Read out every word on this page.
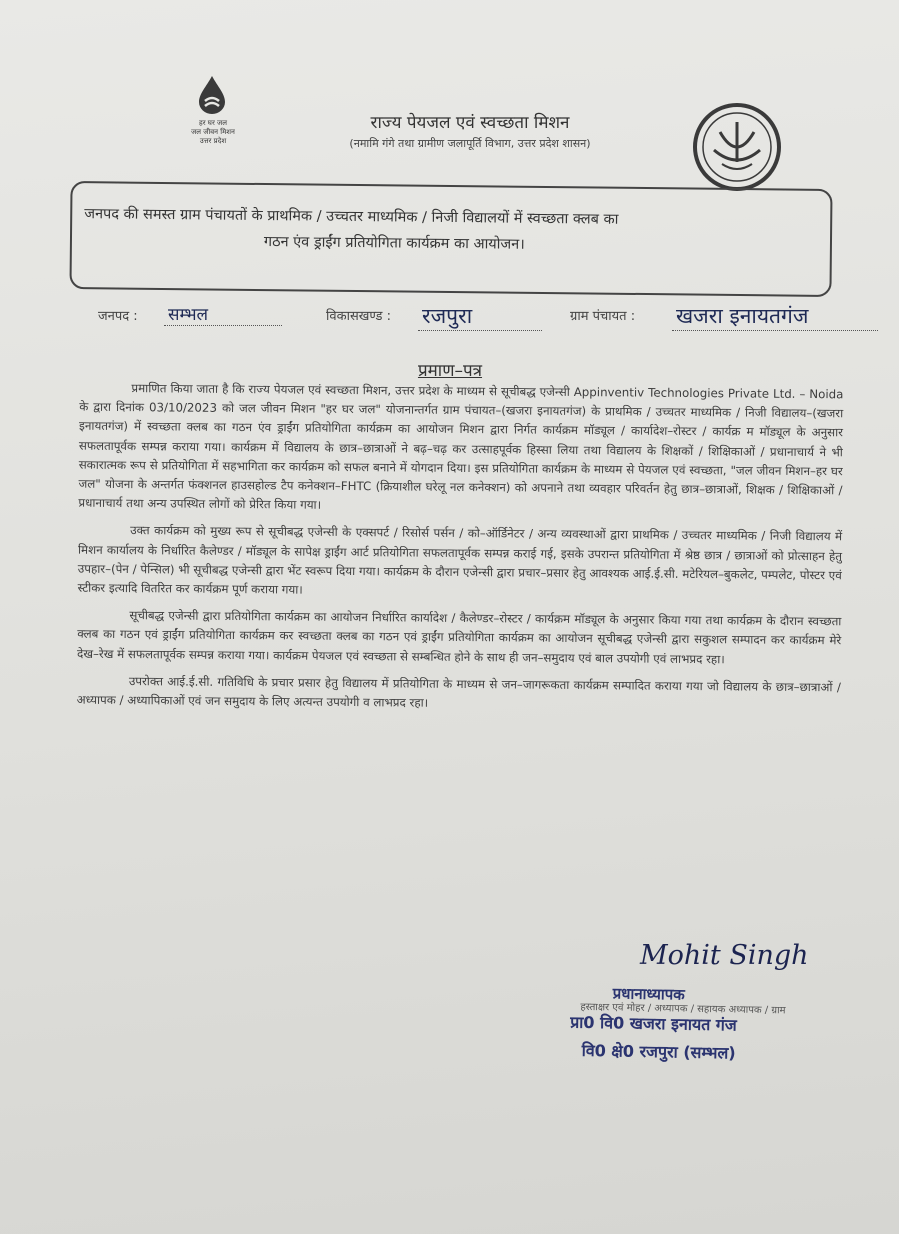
हर घर जल
जल जीवन मिशन
उत्तर प्रदेश
राज्य पेयजल एवं स्वच्छता मिशन
(नमामि गंगे तथा ग्रामीण जलापूर्ति विभाग, उत्तर प्रदेश शासन)
जनपद की समस्त ग्राम पंचायतों के प्राथमिक / उच्चतर माध्यमिक / निजी विद्यालयों में स्वच्छता क्लब का
गठन एंव ड्राईंग प्रतियोगिता कार्यक्रम का आयोजन।
जनपद : सम्भल	विकासखण्ड : रजपुरा	ग्राम पंचायत : खजरा इनायतगंज
प्रमाण–पत्र

प्रमाणित किया जाता है कि राज्य पेयजल एवं स्वच्छता मिशन, उत्तर प्रदेश के माध्यम से सूचीबद्ध एजेन्सी Appinventiv Technologies Private Ltd. – Noida के द्वारा दिनांक 03/10/2023 को जल जीवन मिशन "हर घर जल" योजनान्तर्गत ग्राम पंचायत–(खजरा इनायतगंज) के प्राथमिक / उच्चतर माध्यमिक / निजी विद्यालय–(खजरा इनायतगंज) में स्वच्छता क्लब का गठन एंव ड्राईंग प्रतियोगिता कार्यक्रम का आयोजन मिशन द्वारा निर्गत कार्यक्रम मॉड्यूल / कार्यादेश–रोस्टर / कार्यक्र म मॉड्यूल के अनुसार सफलतापूर्वक सम्पन्न कराया गया। कार्यक्रम में विद्यालय के छात्र–छात्राओं ने बढ़–चढ़ कर उत्साहपूर्वक हिस्सा लिया तथा विद्यालय के शिक्षकों / शिक्षिकाओं / प्रधानाचार्य ने भी सकारात्मक रूप से प्रतियोगिता में सहभागिता कर कार्यक्रम को सफल बनाने में योगदान दिया। इस प्रतियोगिता कार्यक्रम के माध्यम से पेयजल एवं स्वच्छता, "जल जीवन मिशन–हर घर जल" योजना के अन्तर्गत फंक्शनल हाउसहोल्ड टैप कनेक्शन–FHTC (क्रियाशील घरेलू नल कनेक्शन) को अपनाने तथा व्यवहार परिवर्तन हेतु छात्र–छात्राओं, शिक्षक / शिक्षिकाओं / प्रधानाचार्य तथा अन्य उपस्थित लोगों को प्रेरित किया गया।

उक्त कार्यक्रम को मुख्य रूप से सूचीबद्ध एजेन्सी के एक्सपर्ट / रिसोर्स पर्सन / को–ऑर्डिनेटर / अन्य व्यवस्थाओं द्वारा प्राथमिक / उच्चतर माध्यमिक / निजी विद्यालय में मिशन कार्यालय के निर्धारित कैलेण्डर / मॉड्यूल के सापेक्ष ड्राईंग आर्ट प्रतियोगिता सफलतापूर्वक सम्पन्न कराई गई, इसके उपरान्त प्रतियोगिता में श्रेष्ठ छात्र / छात्राओं को प्रोत्साहन हेतु उपहार–(पेन / पेन्सिल) भी सूचीबद्ध एजेन्सी द्वारा भेंट स्वरूप दिया गया। कार्यक्रम के दौरान एजेन्सी द्वारा प्रचार–प्रसार हेतु आवश्यक आई.ई.सी. मटेरियल–बुकलेट, पम्पलेट, पोस्टर एवं स्टीकर इत्यादि वितरित कर कार्यक्रम पूर्ण कराया गया।

सूचीबद्ध एजेन्सी द्वारा प्रतियोगिता कार्यक्रम का आयोजन निर्धारित कार्यादेश / कैलेण्डर–रोस्टर / कार्यक्रम मॉड्यूल के अनुसार किया गया तथा कार्यक्रम के दौरान स्वच्छता क्लब का गठन एवं ड्राईंग प्रतियोगिता कार्यक्रम कर स्वच्छता क्लब का गठन एवं ड्राईंग प्रतियोगिता कार्यक्रम का आयोजन सूचीबद्ध एजेन्सी द्वारा सकुशल सम्पादन कर कार्यक्रम मेरे देख–रेख में सफलतापूर्वक सम्पन्न कराया गया। कार्यक्रम पेयजल एवं स्वच्छता से सम्बन्धित होने के साथ ही जन–समुदाय एवं बाल उपयोगी एवं लाभप्रद रहा।

उपरोक्त आई.ई.सी. गतिविधि के प्रचार प्रसार हेतु विद्यालय में प्रतियोगिता के माध्यम से जन–जागरूकता कार्यक्रम सम्पादित कराया गया जो विद्यालय के छात्र–छात्राओं / अध्यापक / अध्यापिकाओं एवं जन समुदाय के लिए अत्यन्त उपयोगी व लाभप्रद रहा।

Mohit Singh
प्रधानाध्यापक
हस्ताक्षर एवं मोहर / अध्यापक / सहायक अध्यापक / ग्राम
प्रा0 वि0 खजरा इनायत गंज
वि0 क्षे0 रजपुरा (सम्भल)
